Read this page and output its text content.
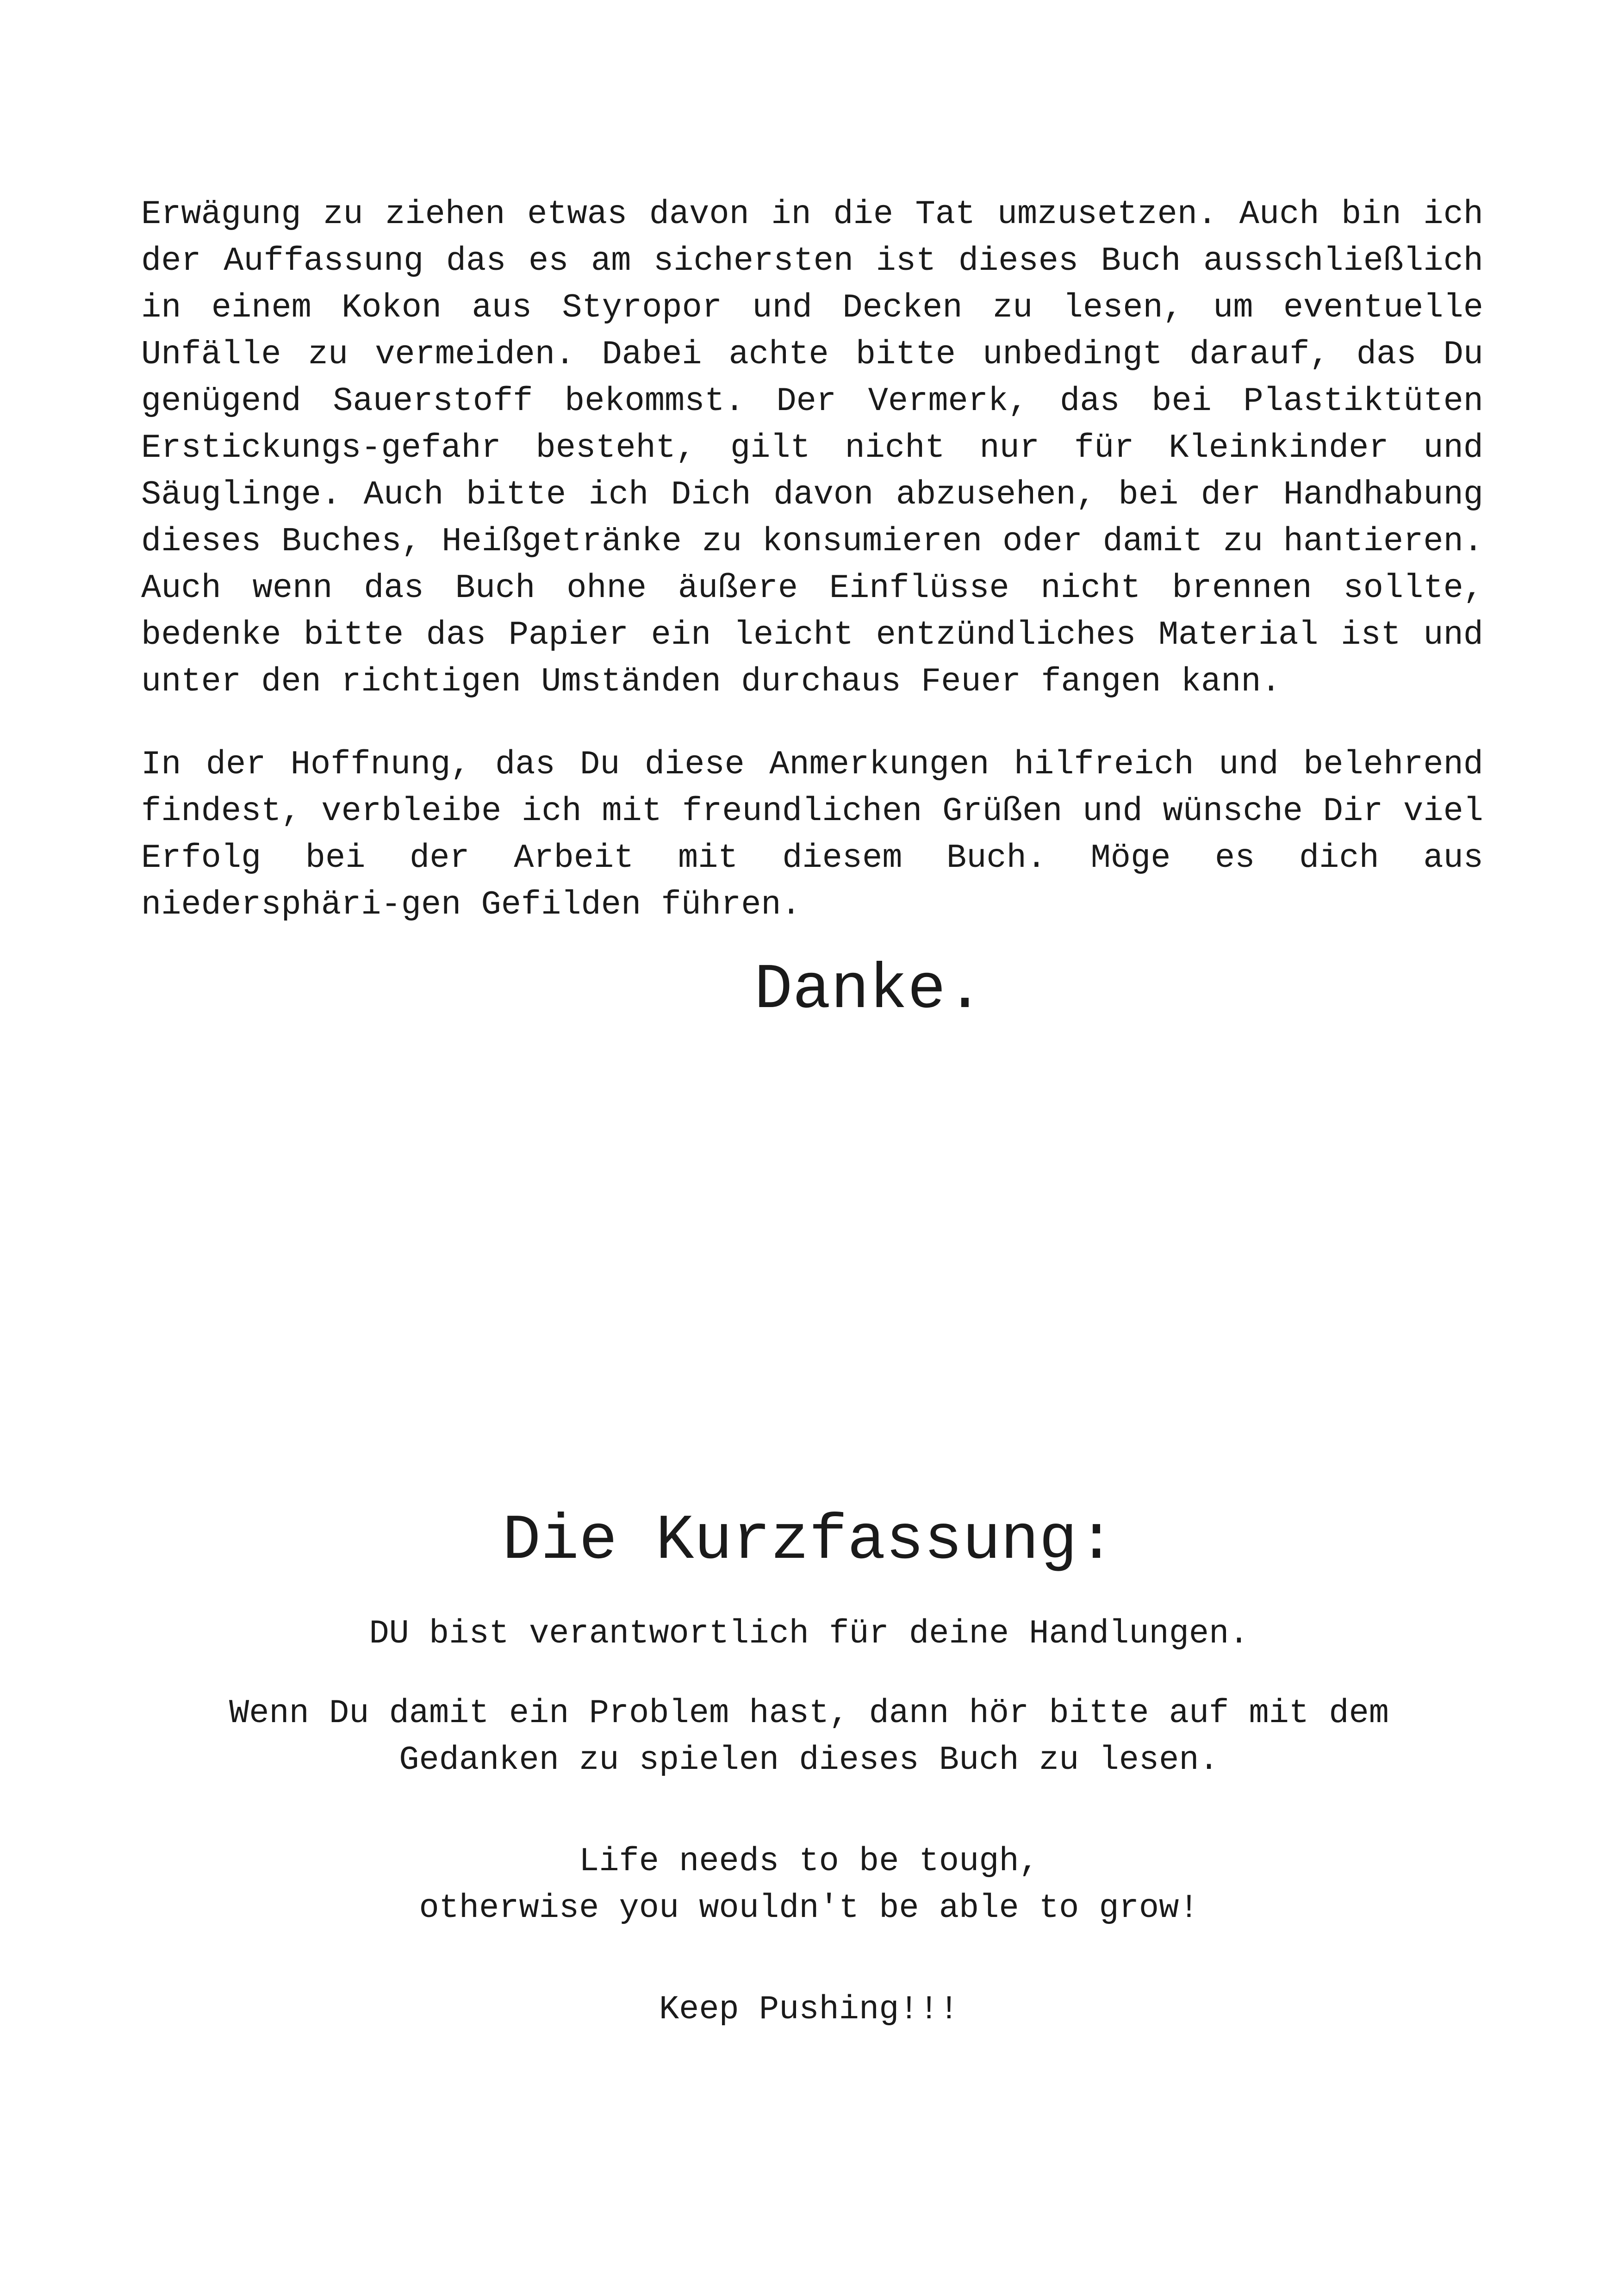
Erwägung zu ziehen etwas davon in die Tat umzusetzen. Auch bin ich der Auffassung das es am sichersten ist dieses Buch ausschließlich in einem Kokon aus Styropor und Decken zu lesen, um eventuelle Unfälle zu vermeiden. Dabei achte bitte unbedingt darauf, das Du genügend Sauerstoff bekommst. Der Vermerk, das bei Plastiktüten Erstickungs-gefahr besteht, gilt nicht nur für Kleinkinder und Säuglinge. Auch bitte ich Dich davon abzusehen, bei der Handhabung dieses Buches, Heißgetränke zu konsumieren oder damit zu hantieren. Auch wenn das Buch ohne äußere Einflüsse nicht brennen sollte, bedenke bitte das Papier ein leicht entzündliches Material ist und unter den richtigen Umständen durchaus Feuer fangen kann.

In der Hoffnung, das Du diese Anmerkungen hilfreich und belehrend findest, verbleibe ich mit freundlichen Grüßen und wünsche Dir viel Erfolg bei der Arbeit mit diesem Buch. Möge es dich aus niedersphäri-gen Gefilden führen.

Danke.
Die Kurzfassung:
DU bist verantwortlich für deine Handlungen.
Wenn Du damit ein Problem hast, dann hör bitte auf mit dem
Gedanken zu spielen dieses Buch zu lesen.
Life needs to be tough,
otherwise you wouldn't be able to grow!
Keep Pushing!!!
